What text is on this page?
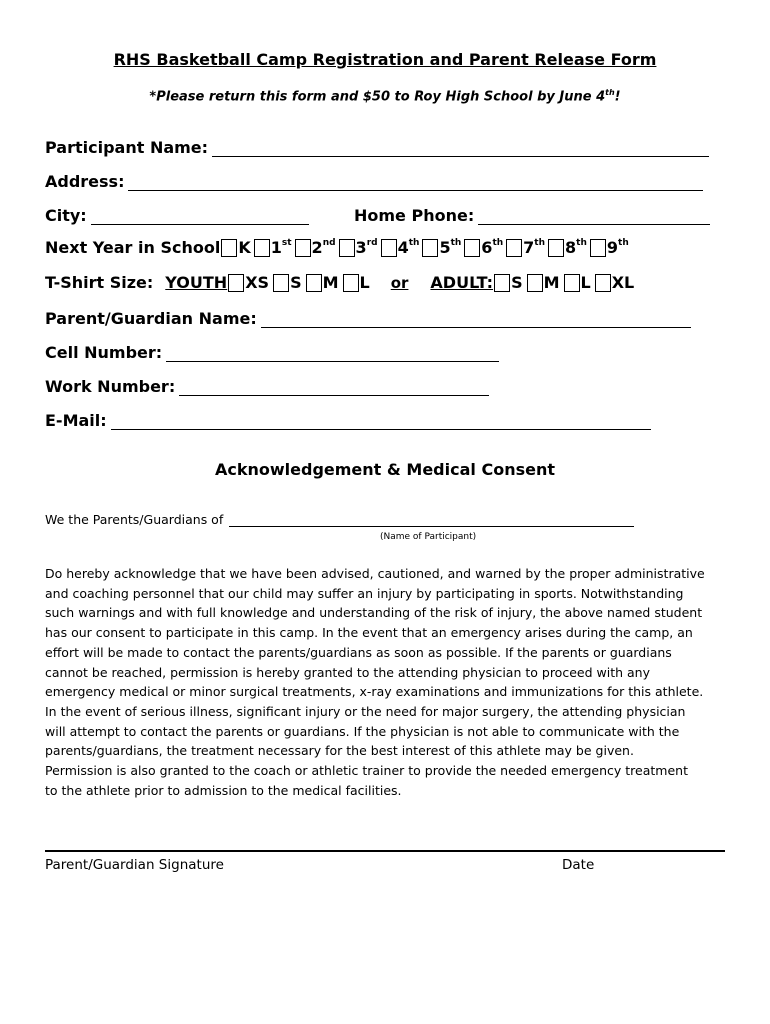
RHS Basketball Camp Registration and Parent Release Form
*Please return this form and $50 to Roy High School by June 4th!
Participant Name:
Address:
City:	Home Phone:
Next Year in School K 1st 2nd 3rd 4th 5th 6th 7th 8th 9th
T-Shirt Size: YOUTH XS S M L or ADULT: S M L XL
Parent/Guardian Name:
Cell Number:
Work Number:
E-Mail:
Acknowledgement & Medical Consent
We the Parents/Guardians of
(Name of Participant)
Do hereby acknowledge that we have been advised, cautioned, and warned by the proper administrative
and coaching personnel that our child may suffer an injury by participating in sports. Notwithstanding
such warnings and with full knowledge and understanding of the risk of injury, the above named student
has our consent to participate in this camp. In the event that an emergency arises during the camp, an
effort will be made to contact the parents/guardians as soon as possible. If the parents or guardians
cannot be reached, permission is hereby granted to the attending physician to proceed with any
emergency medical or minor surgical treatments, x-ray examinations and immunizations for this athlete.
In the event of serious illness, significant injury or the need for major surgery, the attending physician
will attempt to contact the parents or guardians. If the physician is not able to communicate with the
parents/guardians, the treatment necessary for the best interest of this athlete may be given.
Permission is also granted to the coach or athletic trainer to provide the needed emergency treatment
to the athlete prior to admission to the medical facilities.
Parent/Guardian Signature	Date
